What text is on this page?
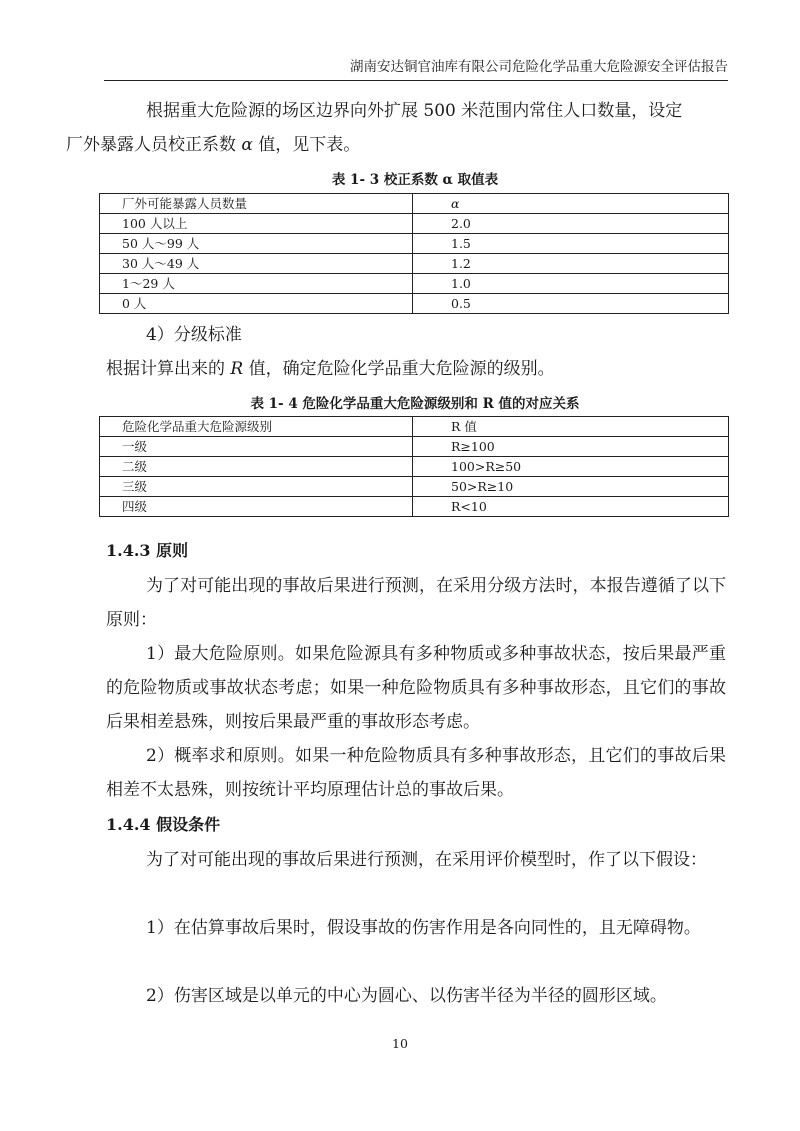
湖南安达铜官油库有限公司危险化学品重大危险源安全评估报告

根据重大危险源的场区边界向外扩展 500 米范围内常住人口数量，设定
厂外暴露人员校正系数 α 值，见下表。

表 1- 3 校正系数 α 取值表
厂外可能暴露人员数量	α
100 人以上	2.0
50 人～99 人	1.5
30 人～49 人	1.2
1～29 人	1.0
0 人	0.5

4）分级标准
根据计算出来的 R 值，确定危险化学品重大危险源的级别。

表 1- 4 危险化学品重大危险源级别和 R 值的对应关系
危险化学品重大危险源级别	R 值
一级	R≥100
二级	100>R≥50
三级	50>R≥10
四级	R<10
1.4.3 原则

为了对可能出现的事故后果进行预测，在采用分级方法时，本报告遵循了以下原则：

1）最大危险原则。如果危险源具有多种物质或多种事故状态，按后果最严重的危险物质或事故状态考虑；如果一种危险物质具有多种事故形态，且它们的事故后果相差悬殊，则按后果最严重的事故形态考虑。

2）概率求和原则。如果一种危险物质具有多种事故形态，且它们的事故后果相差不太悬殊，则按统计平均原理估计总的事故后果。

1.4.4 假设条件

为了对可能出现的事故后果进行预测，在采用评价模型时，作了以下假设：

1）在估算事故后果时，假设事故的伤害作用是各向同性的，且无障碍物。

2）伤害区域是以单元的中心为圆心、以伤害半径为半径的圆形区域。

10
